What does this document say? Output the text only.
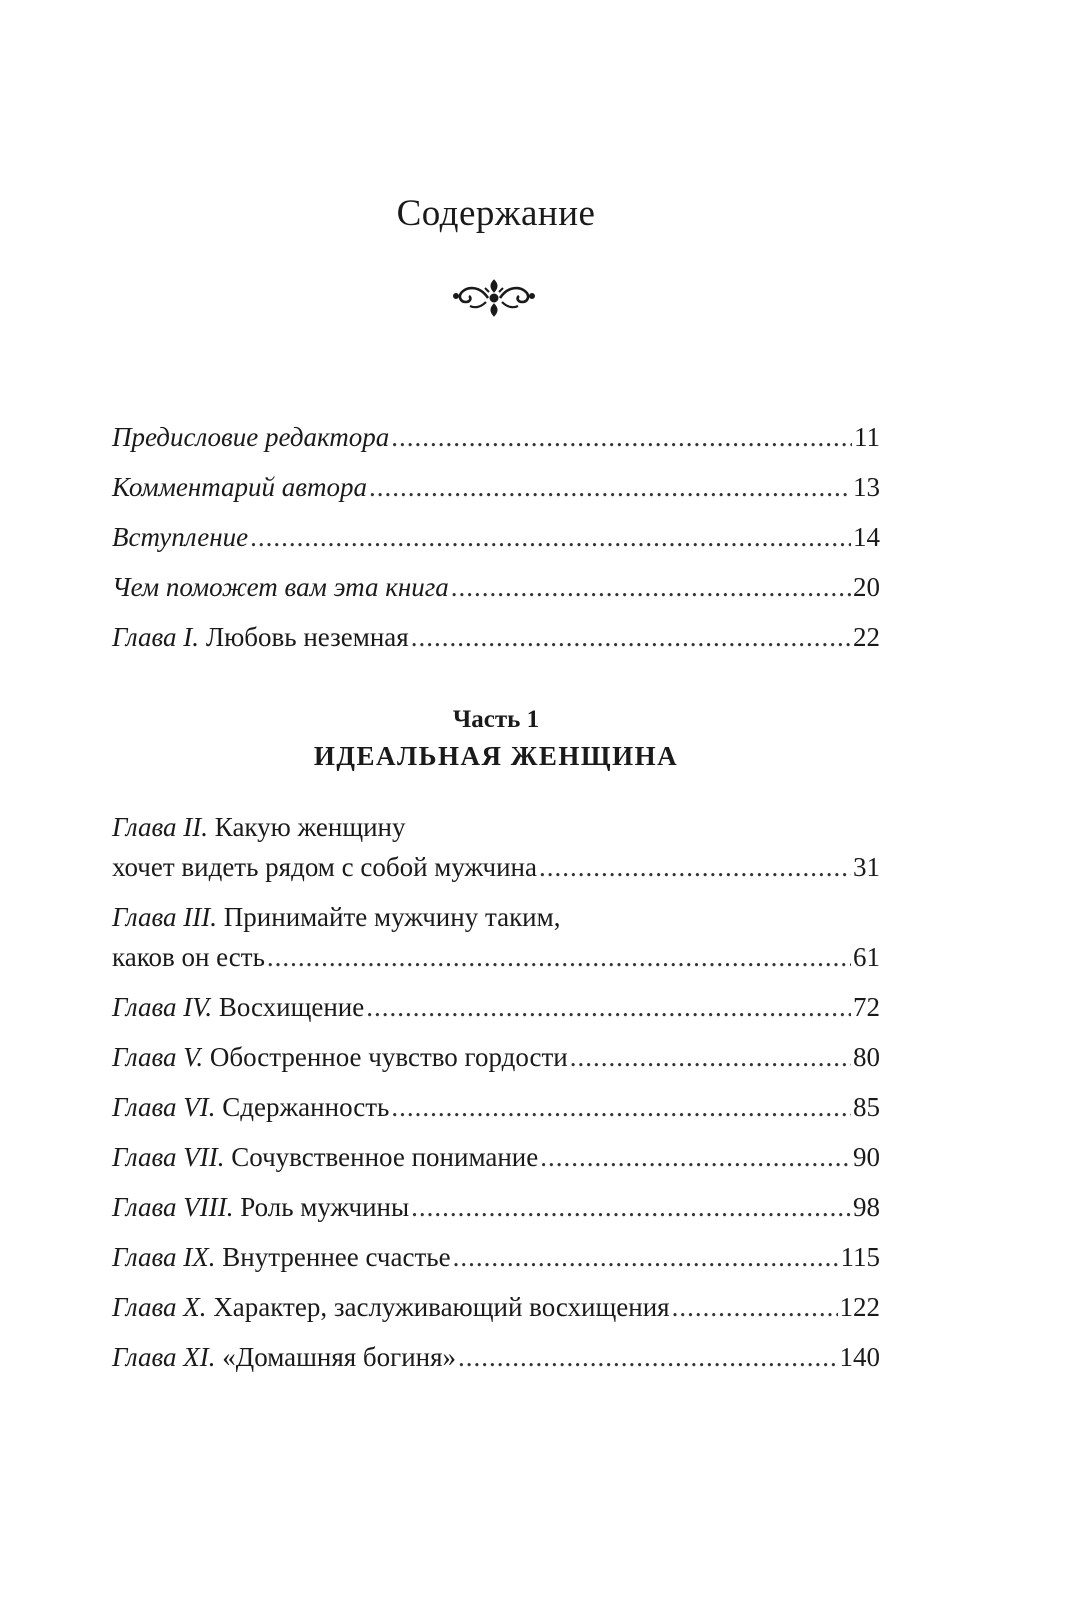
Содержание
Предисловие редактора .....	11
Комментарий автора .....	13
Вступление .....	14
Чем поможет вам эта книга .....	20
Глава I. Любовь неземная .....	22
Часть 1
ИДЕАЛЬНАЯ ЖЕНЩИНА
Глава II. Какую женщину
хочет видеть рядом с собой мужчина .....	31
Глава III. Принимайте мужчину таким,
каков он есть .....	61
Глава IV. Восхищение .....	72
Глава V. Обостренное чувство гордости .....	80
Глава VI. Сдержанность .....	85
Глава VII. Сочувственное понимание .....	90
Глава VIII. Роль мужчины .....	98
Глава IX. Внутреннее счастье .....	115
Глава X. Характер, заслуживающий восхищения .....	122
Глава XI. «Домашняя богиня» .....	140
